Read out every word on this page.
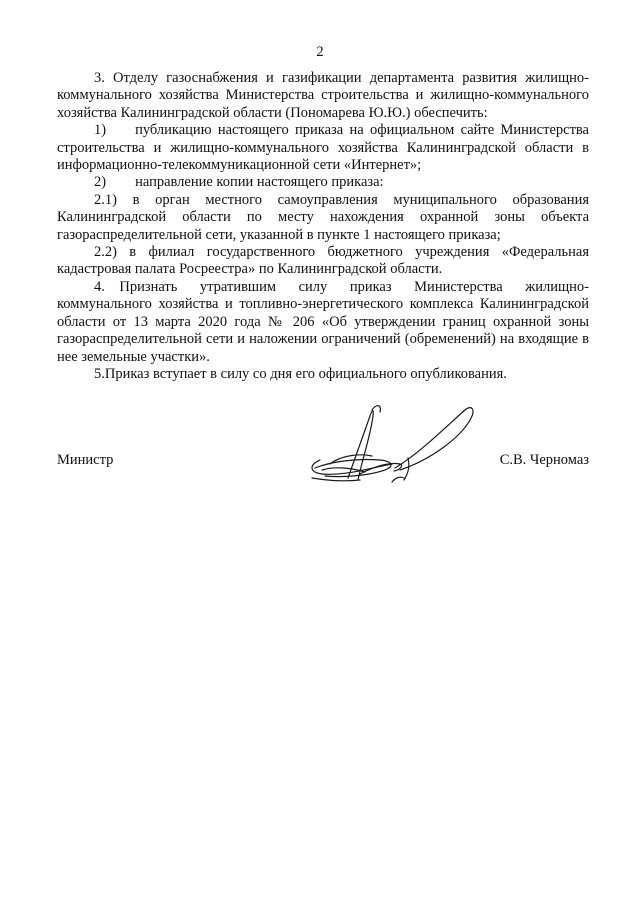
2

3. Отделу газоснабжения и газификации департамента развития жилищно-коммунального хозяйства Министерства строительства и жилищно-коммунального хозяйства Калининградской области (Пономарева Ю.Ю.) обеспечить:

1)  публикацию настоящего приказа на официальном сайте Министерства строительства и жилищно-коммунального хозяйства Калининградской области в информационно-телекоммуникационной сети «Интернет»;

2)  направление копии настоящего приказа:

2.1) в орган местного самоуправления муниципального образования Калининградской области по месту нахождения охранной зоны объекта газораспределительной сети, указанной в пункте 1 настоящего приказа;

2.2) в филиал государственного бюджетного учреждения «Федеральная кадастровая палата Росреестра» по Калининградской области.

4. Признать утратившим силу приказ Министерства жилищно-коммунального хозяйства и топливно-энергетического комплекса Калининградской области от 13 марта 2020 года № 206 «Об утверждении границ охранной зоны газораспределительной сети и наложении ограничений (обременений) на входящие в нее земельные участки».

5.Приказ вступает в силу со дня его официального опубликования.

Министр	С.В. Черномаз
